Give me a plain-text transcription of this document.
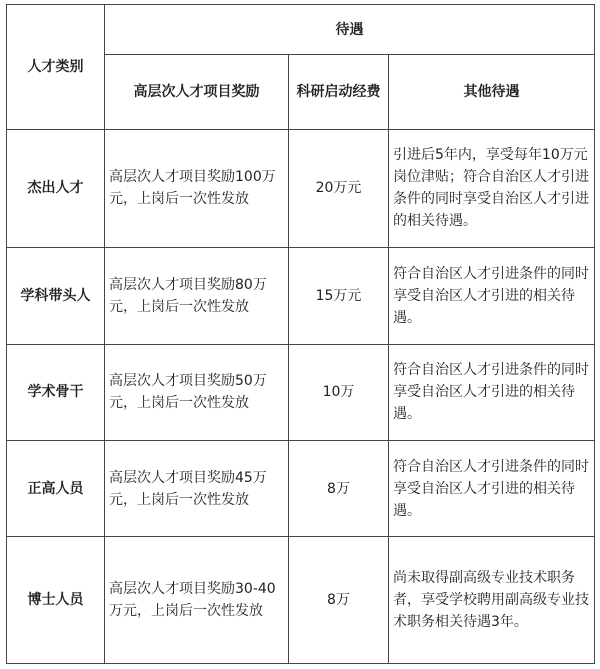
人才类别	待遇		
	高层次人才项目奖励	科研启动经费	其他待遇
杰出人才	高层次人才项目奖励100万元，上岗后一次性发放	20万元	引进后5年内，享受每年10万元岗位津贴；符合自治区人才引进条件的同时享受自治区人才引进的相关待遇。
学科带头人	高层次人才项目奖励80万元，上岗后一次性发放	15万元	符合自治区人才引进条件的同时享受自治区人才引进的相关待遇。
学术骨干	高层次人才项目奖励50万元，上岗后一次性发放	10万	符合自治区人才引进条件的同时享受自治区人才引进的相关待遇。
正高人员	高层次人才项目奖励45万元，上岗后一次性发放	8万	符合自治区人才引进条件的同时享受自治区人才引进的相关待遇。
博士人员	高层次人才项目奖励30-40万元，上岗后一次性发放	8万	尚未取得副高级专业技术职务者，享受学校聘用副高级专业技术职务相关待遇3年。
